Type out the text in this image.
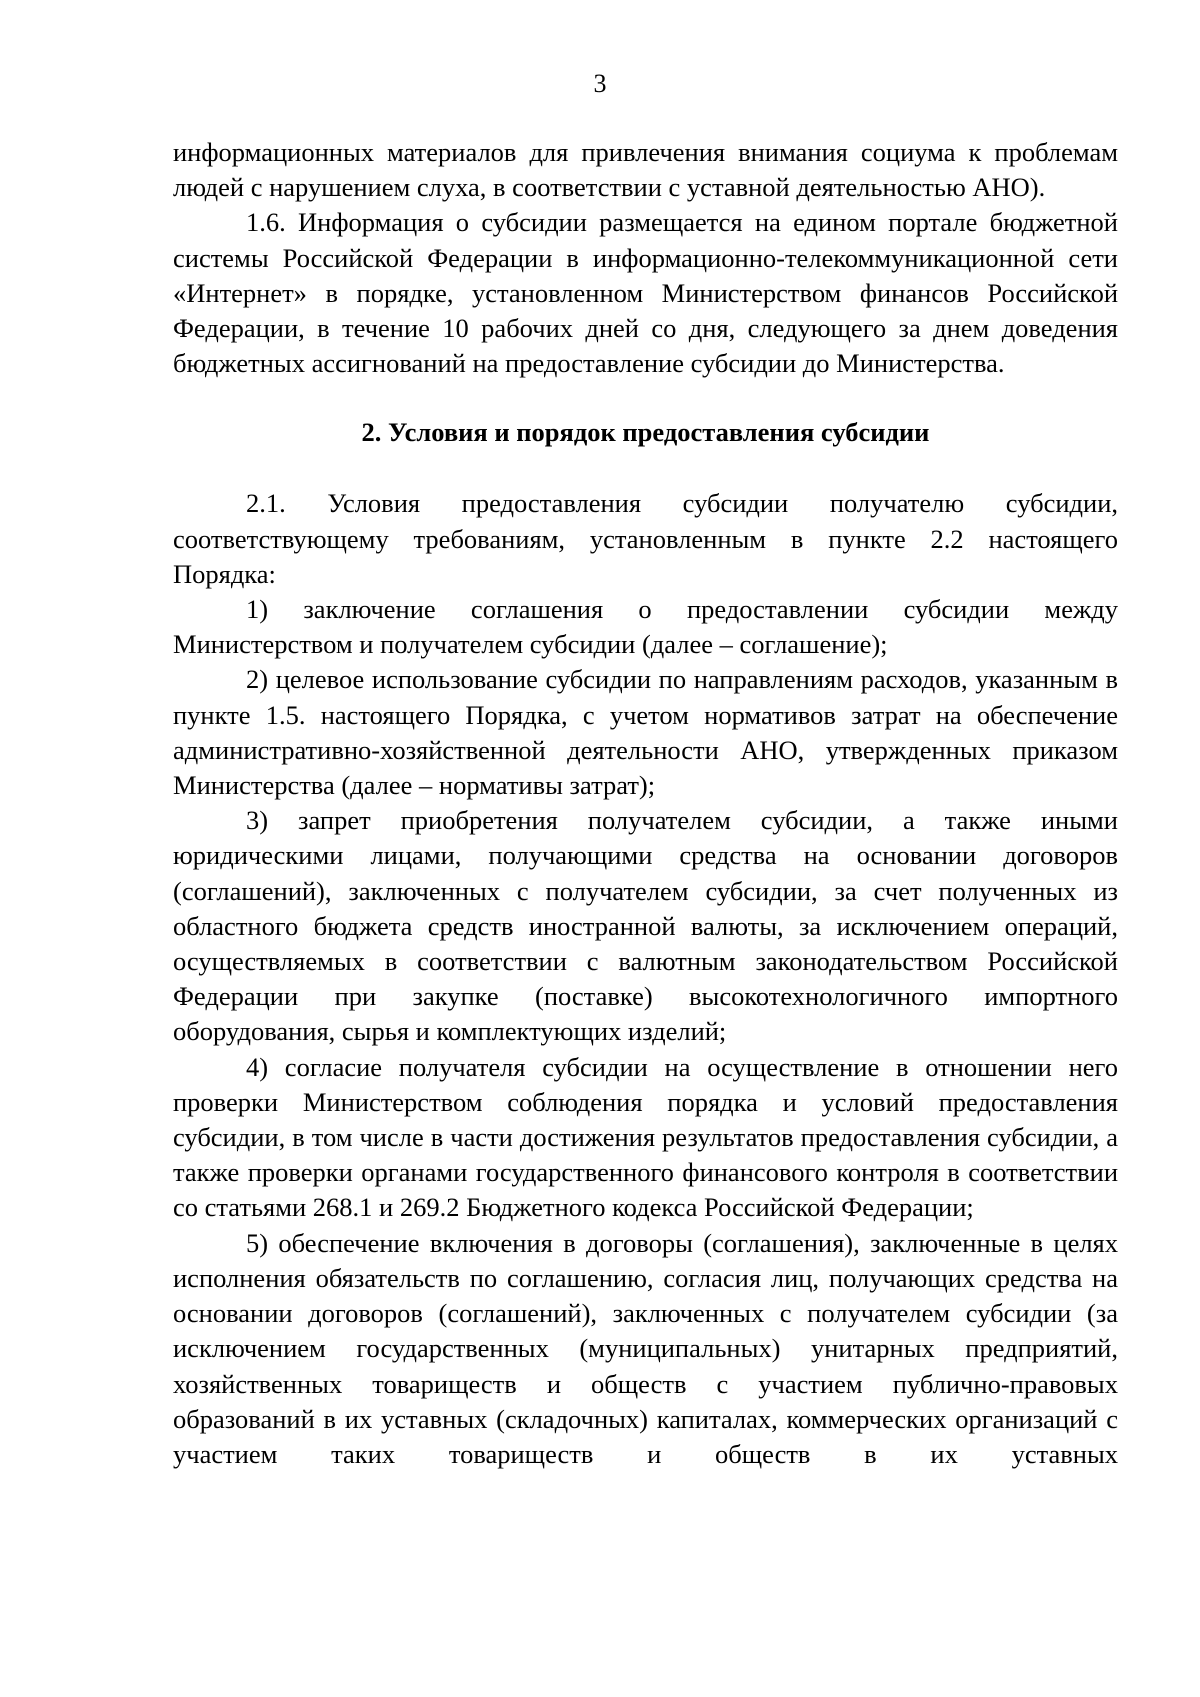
3

информационных материалов для привлечения внимания социума к проблемам людей с нарушением слуха, в соответствии с уставной деятельностью АНО).

1.6. Информация о субсидии размещается на едином портале бюджетной системы Российской Федерации в информационно-телекоммуникационной сети «Интернет» в порядке, установленном Министерством финансов Российской Федерации, в течение 10 рабочих дней со дня, следующего за днем доведения бюджетных ассигнований на предоставление субсидии до Министерства.

2. Условия и порядок предоставления субсидии

2.1. Условия предоставления субсидии получателю субсидии, соответствующему требованиям, установленным в пункте 2.2 настоящего Порядка:

1) заключение соглашения о предоставлении субсидии между Министерством и получателем субсидии (далее – соглашение);

2) целевое использование субсидии по направлениям расходов, указанным в пункте 1.5. настоящего Порядка, с учетом нормативов затрат на обеспечение административно-хозяйственной деятельности АНО, утвержденных приказом Министерства (далее – нормативы затрат);

3) запрет приобретения получателем субсидии, а также иными юридическими лицами, получающими средства на основании договоров (соглашений), заключенных с получателем субсидии, за счет полученных из областного бюджета средств иностранной валюты, за исключением операций, осуществляемых в соответствии с валютным законодательством Российской Федерации при закупке (поставке) высокотехнологичного импортного оборудования, сырья и комплектующих изделий;

4) согласие получателя субсидии на осуществление в отношении него проверки Министерством соблюдения порядка и условий предоставления субсидии, в том числе в части достижения результатов предоставления субсидии, а также проверки органами государственного финансового контроля в соответствии со статьями 268.1 и 269.2 Бюджетного кодекса Российской Федерации;

5) обеспечение включения в договоры (соглашения), заключенные в целях исполнения обязательств по соглашению, согласия лиц, получающих средства на основании договоров (соглашений), заключенных с получателем субсидии (за исключением государственных (муниципальных) унитарных предприятий, хозяйственных товариществ и обществ с участием публично-правовых образований в их уставных (складочных) капиталах, коммерческих организаций с участием таких товариществ и обществ в их уставных
